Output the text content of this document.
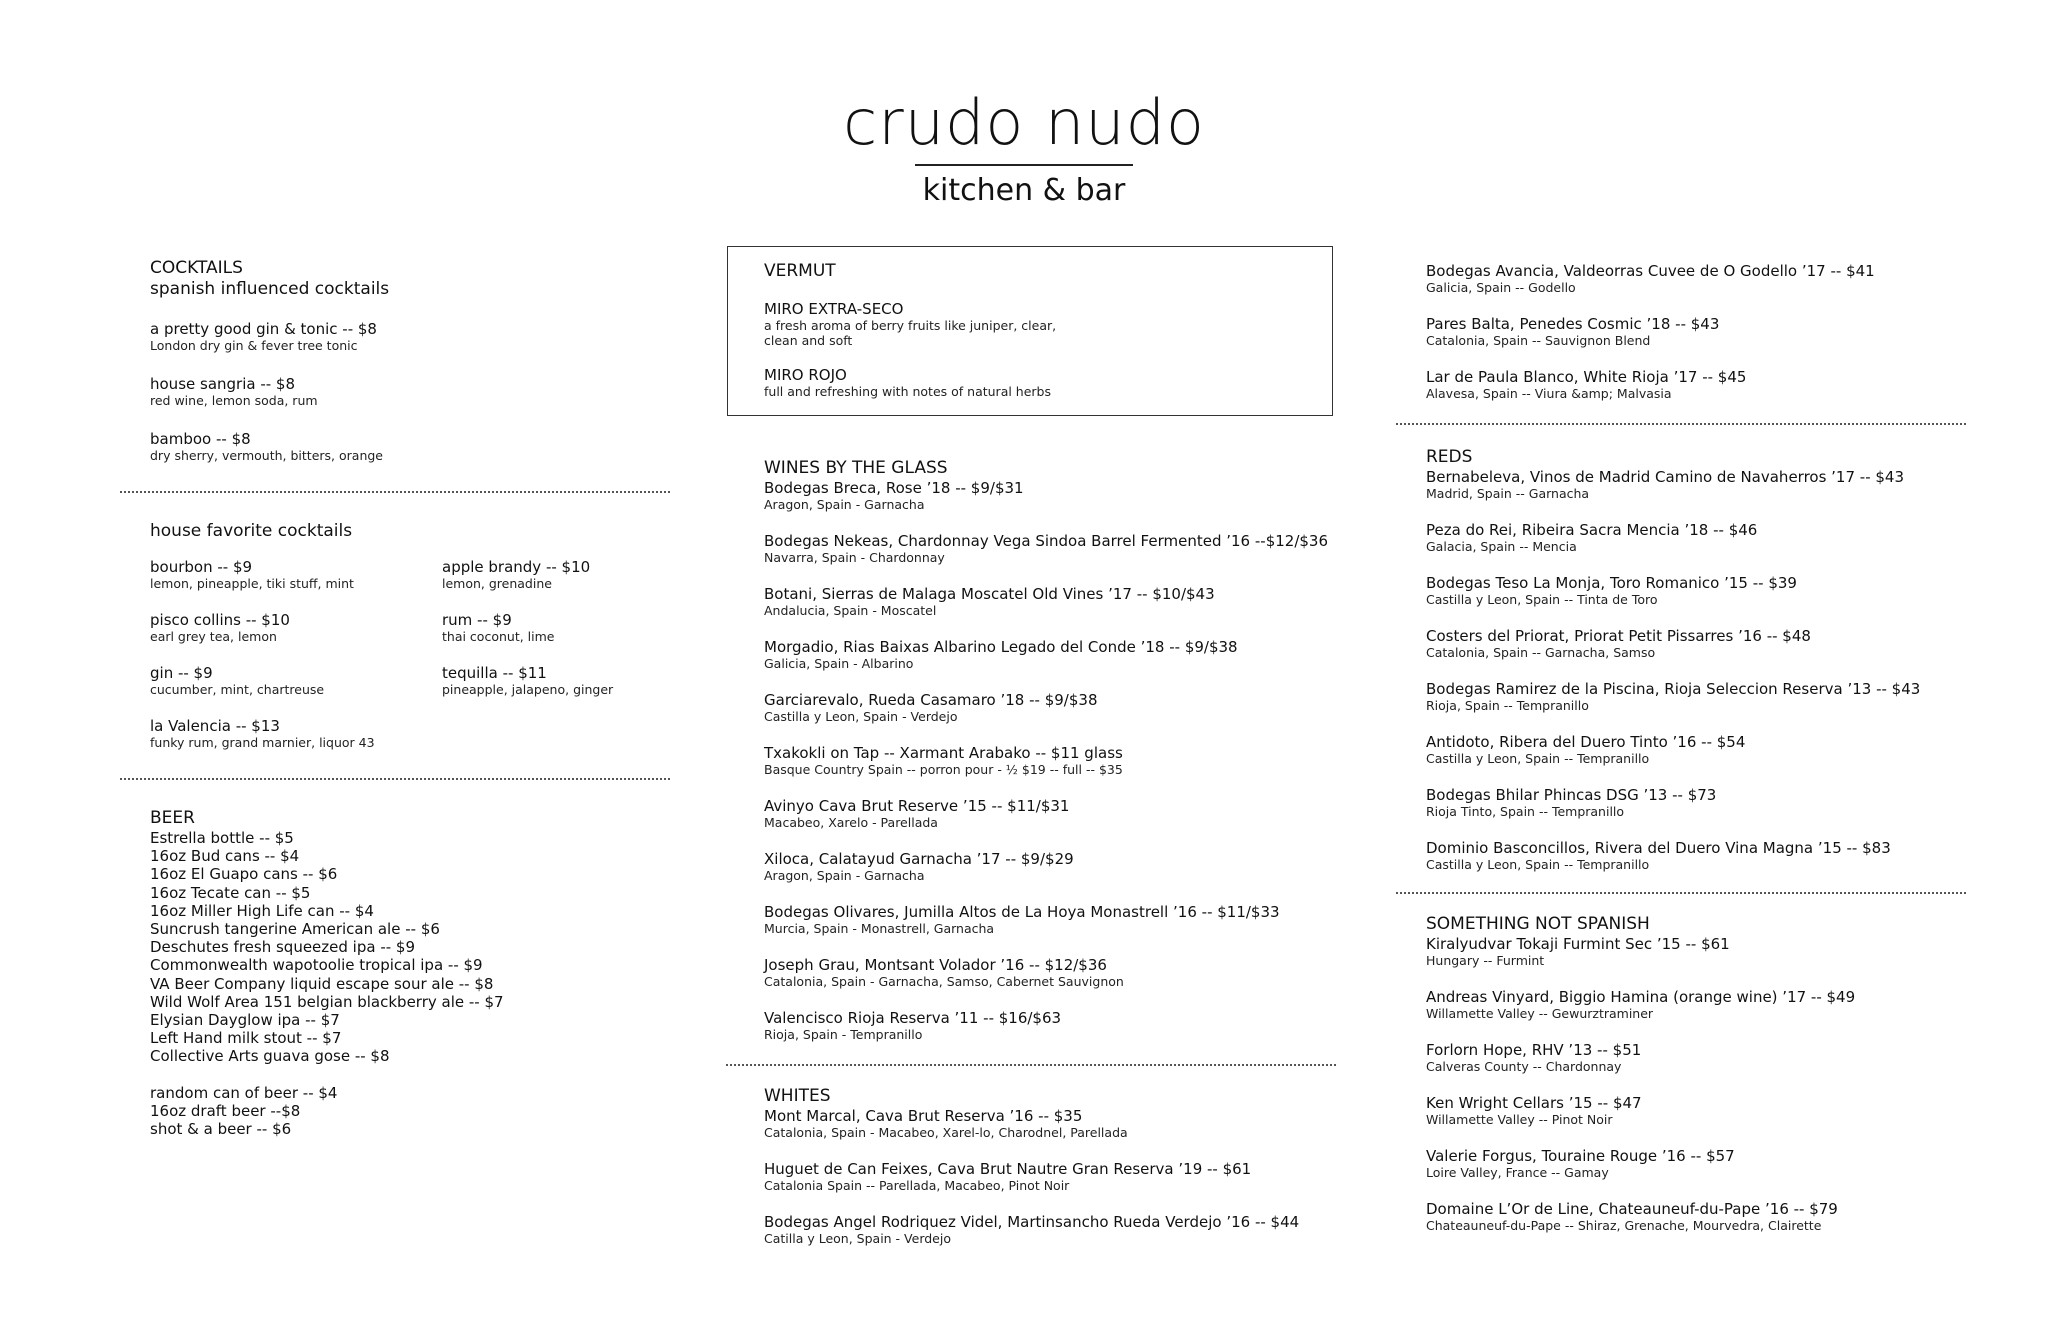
crudo nudo
kitchen & bar
COCKTAILS
spanish influenced cocktails
a pretty good gin & tonic -- $8
London dry gin & fever tree tonic
house sangria -- $8
red wine, lemon soda, rum
bamboo -- $8
dry sherry, vermouth, bitters, orange
house favorite cocktails
bourbon -- $9
lemon, pineapple, tiki stuff, mint
apple brandy -- $10
lemon, grenadine
pisco collins -- $10
earl grey tea, lemon
rum -- $9
thai coconut, lime
gin -- $9
cucumber, mint, chartreuse
tequilla -- $11
pineapple, jalapeno, ginger
la Valencia -- $13
funky rum, grand marnier, liquor 43
BEER
Estrella bottle -- $5
16oz Bud cans -- $4
16oz El Guapo cans -- $6
16oz Tecate can -- $5
16oz Miller High Life can -- $4
Suncrush tangerine American ale -- $6
Deschutes fresh squeezed ipa -- $9
Commonwealth wapotoolie tropical ipa -- $9
VA Beer Company liquid escape sour ale -- $8
Wild Wolf Area 151 belgian blackberry ale -- $7
Elysian Dayglow ipa -- $7
Left Hand milk stout -- $7
Collective Arts guava gose -- $8
random can of beer -- $4
16oz draft beer --$8
shot & a beer -- $6
VERMUT
MIRO EXTRA-SECO
a fresh aroma of berry fruits like juniper, clear,
clean and soft
MIRO ROJO
full and refreshing with notes of natural herbs
WINES BY THE GLASS
Bodegas Breca, Rose ’18 -- $9/$31
Aragon, Spain - Garnacha
Bodegas Nekeas, Chardonnay Vega Sindoa Barrel Fermented ’16 --$12/$36
Navarra, Spain - Chardonnay
Botani, Sierras de Malaga Moscatel Old Vines ’17 -- $10/$43
Andalucia, Spain - Moscatel
Morgadio, Rias Baixas Albarino Legado del Conde ’18 -- $9/$38
Galicia, Spain - Albarino
Garciarevalo, Rueda Casamaro ’18 -- $9/$38
Castilla y Leon, Spain - Verdejo
Txakokli on Tap -- Xarmant Arabako -- $11 glass
Basque Country Spain -- porron pour - ½ $19 -- full -- $35
Avinyo Cava Brut Reserve ’15 -- $11/$31
Macabeo, Xarelo - Parellada
Xiloca, Calatayud Garnacha ’17 -- $9/$29
Aragon, Spain - Garnacha
Bodegas Olivares, Jumilla Altos de La Hoya Monastrell ’16 -- $11/$33
Murcia, Spain - Monastrell, Garnacha
Joseph Grau, Montsant Volador ’16 -- $12/$36
Catalonia, Spain - Garnacha, Samso, Cabernet Sauvignon
Valencisco Rioja Reserva ’11 -- $16/$63
Rioja, Spain - Tempranillo
WHITES
Mont Marcal, Cava Brut Reserva ’16 -- $35
Catalonia, Spain - Macabeo, Xarel-lo, Charodnel, Parellada
Huguet de Can Feixes, Cava Brut Nautre Gran Reserva ’19 -- $61
Catalonia Spain -- Parellada, Macabeo, Pinot Noir
Bodegas Angel Rodriquez Videl, Martinsancho Rueda Verdejo ’16 -- $44
Catilla y Leon, Spain - Verdejo
Bodegas Avancia, Valdeorras Cuvee de O Godello ’17 -- $41
Galicia, Spain -- Godello
Pares Balta, Penedes Cosmic ’18 -- $43
Catalonia, Spain -- Sauvignon Blend
Lar de Paula Blanco, White Rioja ’17 -- $45
Alavesa, Spain -- Viura &amp; Malvasia
REDS
Bernabeleva, Vinos de Madrid Camino de Navaherros ’17 -- $43
Madrid, Spain -- Garnacha
Peza do Rei, Ribeira Sacra Mencia ’18 -- $46
Galacia, Spain -- Mencia
Bodegas Teso La Monja, Toro Romanico ’15 -- $39
Castilla y Leon, Spain -- Tinta de Toro
Costers del Priorat, Priorat Petit Pissarres ’16 -- $48
Catalonia, Spain -- Garnacha, Samso
Bodegas Ramirez de la Piscina, Rioja Seleccion Reserva ’13 -- $43
Rioja, Spain -- Tempranillo
Antidoto, Ribera del Duero Tinto ’16 -- $54
Castilla y Leon, Spain -- Tempranillo
Bodegas Bhilar Phincas DSG ’13 -- $73
Rioja Tinto, Spain -- Tempranillo
Dominio Basconcillos, Rivera del Duero Vina Magna ’15 -- $83
Castilla y Leon, Spain -- Tempranillo
SOMETHING NOT SPANISH
Kiralyudvar Tokaji Furmint Sec ’15 -- $61
Hungary -- Furmint
Andreas Vinyard, Biggio Hamina (orange wine) ’17 -- $49
Willamette Valley -- Gewurztraminer
Forlorn Hope, RHV ’13 -- $51
Calveras County -- Chardonnay
Ken Wright Cellars ’15 -- $47
Willamette Valley -- Pinot Noir
Valerie Forgus, Touraine Rouge ’16 -- $57
Loire Valley, France -- Gamay
Domaine L’Or de Line, Chateauneuf-du-Pape ’16 -- $79
Chateauneuf-du-Pape -- Shiraz, Grenache, Mourvedra, Clairette
